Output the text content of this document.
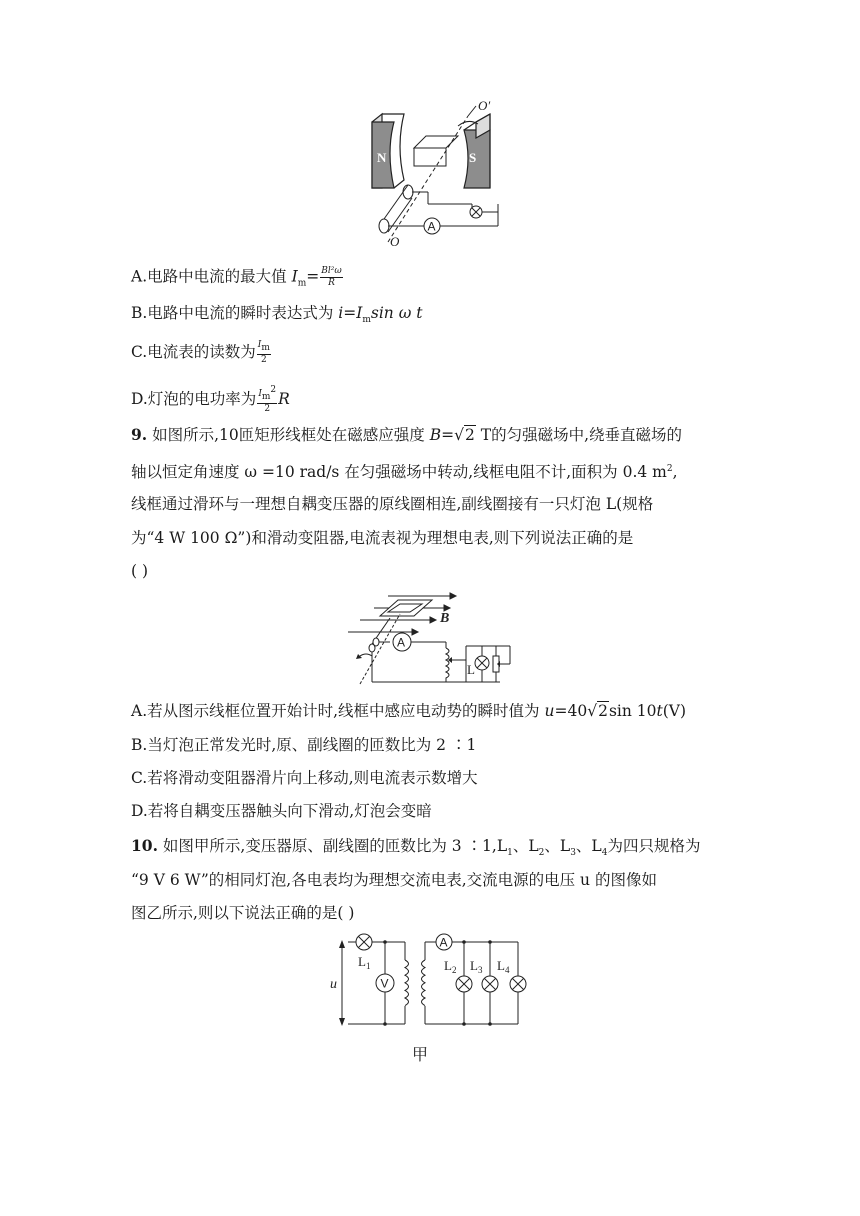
N	S
O′
O
A
A.电路中电流的最大值 $I_m= \frac{\text{Bl²ω}}{R}$
B.电路中电流的瞬时表达式为 $i=I_m\sin$ ω t
C.电流表的读数为 $\frac{I_m}{2}$
D.灯泡的电功率为 $\frac{I_m^2}{2}$ R
9. 如图所示,10匝矩形线框处在磁感应强度 B=√2 T的匀强磁场中,绕垂直磁场的
轴以恒定角速度 ω =10 rad/s 在匀强磁场中转动,线框电阻不计,面积为 0.4 $m^2$,
线框通过滑环与一理想自耦变压器的原线圈相连,副线圈接有一只灯泡 L(规格
为“4 W 100 Ω”)和滑动变阻器,电流表视为理想电表,则下列说法正确的是
( )
B
A
L
A.若从图示线框位置开始计时,线框中感应电动势的瞬时值为 u=40√2sin 10t(V)
B.当灯泡正常发光时,原、副线圈的匝数比为 2 ∶1
C.若将滑动变阻器滑片向上移动,则电流表示数增大
D.若将自耦变压器触头向下滑动,灯泡会变暗
10. 如图甲所示,变压器原、副线圈的匝数比为 3 $∶1,L_1$、$L_2$、$L_3$、$L_4$为四只规格为
“9 V 6 W”的相同灯泡,各电表均为理想交流电表,交流电源的电压 u 的图像如
图乙所示,则以下说法正确的是( )
$L_1$
u	V
A
$L_2$ $L_3$ $L_4$
甲
